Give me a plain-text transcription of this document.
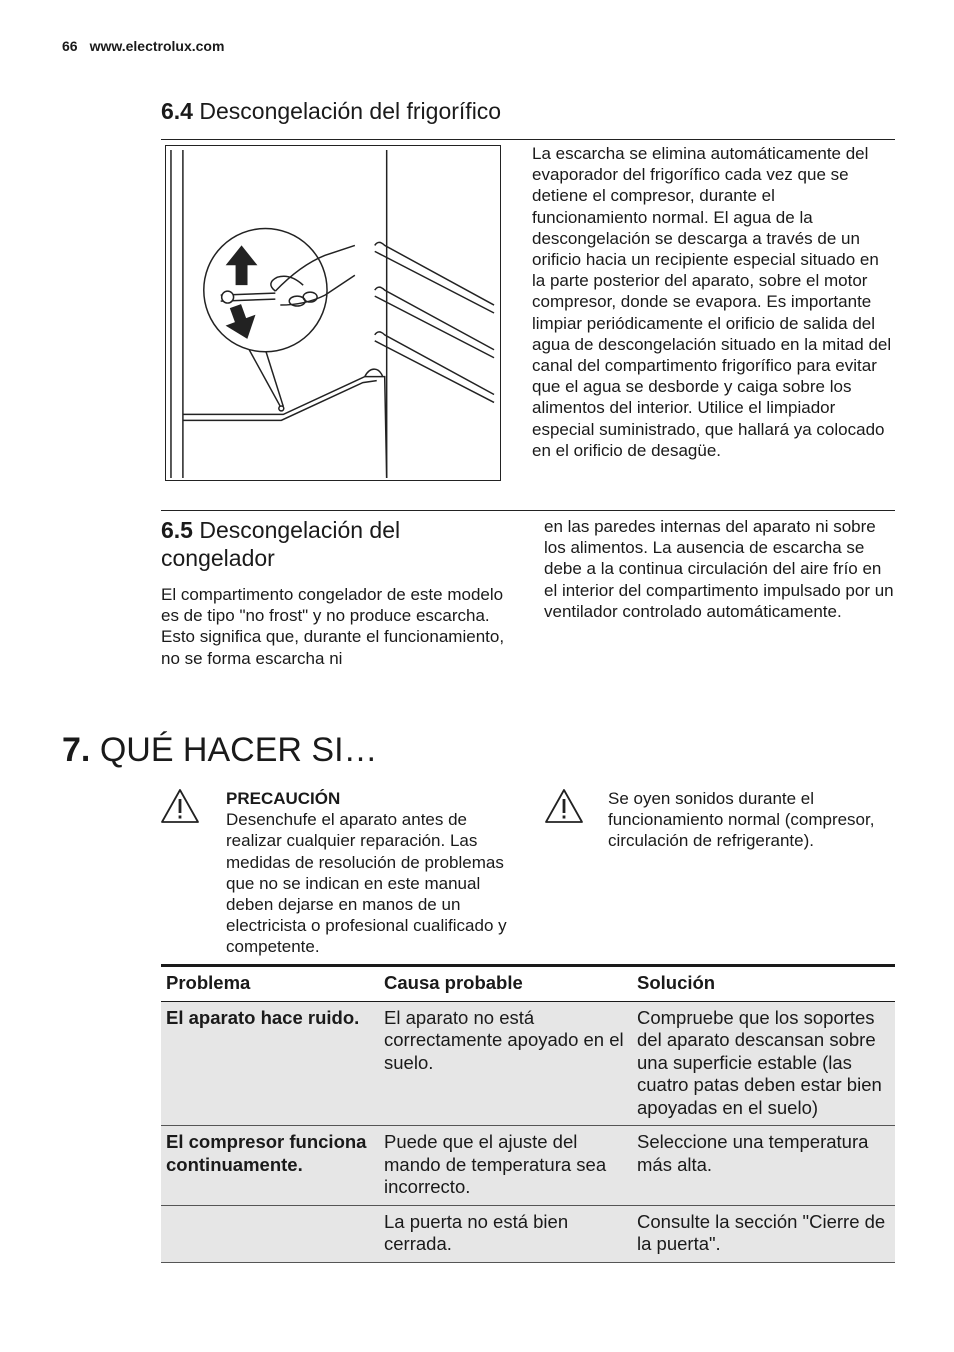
66 www.electrolux.com
6.4 Descongelación del frigorífico
La escarcha se elimina automáticamente del evaporador del frigorífico cada vez que se detiene el compresor, durante el funcionamiento normal. El agua de la descongelación se descarga a través de un orificio hacia un recipiente especial situado en la parte posterior del aparato, sobre el motor compresor, donde se evapora. Es importante limpiar periódicamente el orificio de salida del agua de descongelación situado en la mitad del canal del compartimento frigorífico para evitar que el agua se desborde y caiga sobre los alimentos del interior. Utilice el limpiador especial suministrado, que hallará ya colocado en el orificio de desagüe.
6.5 Descongelación del congelador
El compartimento congelador de este modelo es de tipo "no frost" y no produce escarcha. Esto significa que, durante el funcionamiento, no se forma escarcha ni
en las paredes internas del aparato ni sobre los alimentos. La ausencia de escarcha se debe a la continua circulación del aire frío en el interior del compartimento impulsado por un ventilador controlado automáticamente.
7. QUÉ HACER SI…
PRECAUCIÓN
Desenchufe el aparato antes de realizar cualquier reparación. Las medidas de resolución de problemas que no se indican en este manual deben dejarse en manos de un electricista o profesional cualificado y competente.
Se oyen sonidos durante el funcionamiento normal (compresor, circulación de refrigerante).
Problema	Causa probable	Solución
El aparato hace ruido.	El aparato no está correctamente apoyado en el suelo.	Compruebe que los soportes del aparato descansan sobre una superficie estable (las cuatro patas deben estar bien apoyadas en el suelo)
El compresor funciona continuamente.	Puede que el ajuste del mando de temperatura sea incorrecto.	Seleccione una temperatura más alta.
	La puerta no está bien cerrada.	Consulte la sección "Cierre de la puerta".
